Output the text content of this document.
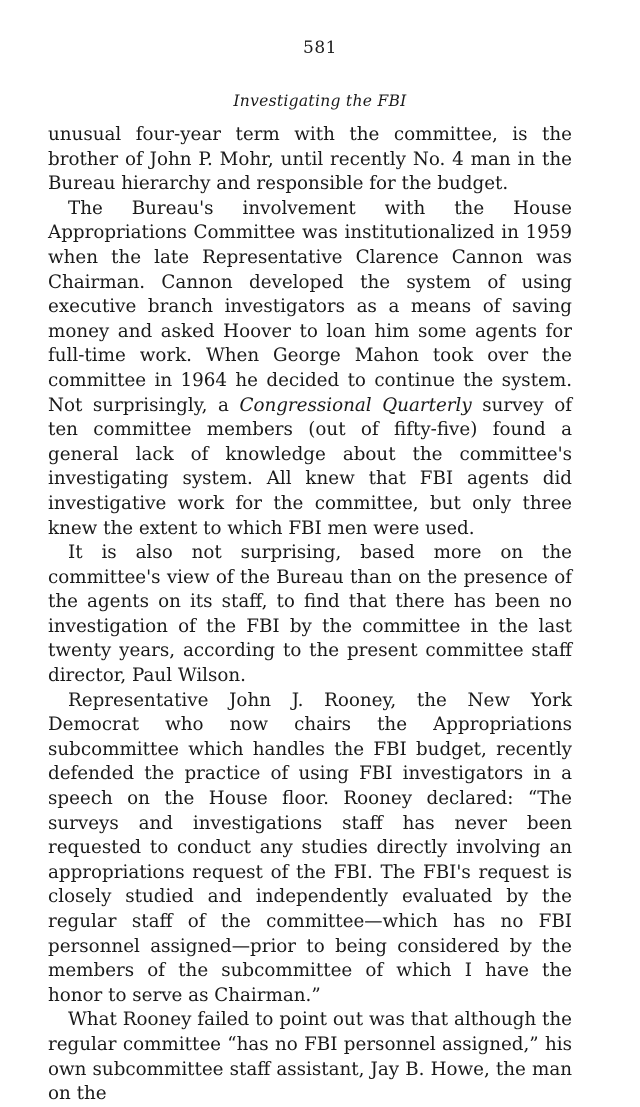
581
Investigating the FBI

unusual four-year term with the committee, is the brother of John P. Mohr, until recently No. 4 man in the Bureau hierarchy and responsible for the budget.

The Bureau's involvement with the House Appropriations Committee was institutionalized in 1959 when the late Representative Clarence Cannon was Chairman. Cannon developed the system of using executive branch investigators as a means of saving money and asked Hoover to loan him some agents for full-time work. When George Mahon took over the committee in 1964 he decided to continue the system. Not surprisingly, a Congressional Quarterly survey of ten committee members (out of fifty-five) found a general lack of knowledge about the committee's investigating system. All knew that FBI agents did investigative work for the committee, but only three knew the extent to which FBI men were used.

It is also not surprising, based more on the committee's view of the Bureau than on the presence of the agents on its staff, to find that there has been no investigation of the FBI by the committee in the last twenty years, according to the present committee staff director, Paul Wilson.

Representative John J. Rooney, the New York Democrat who now chairs the Appropriations subcommittee which handles the FBI budget, recently defended the practice of using FBI investigators in a speech on the House floor. Rooney declared: “The surveys and investigations staff has never been requested to conduct any studies directly involving an appropriations request of the FBI. The FBI's request is closely studied and independently evaluated by the regular staff of the committee—which has no FBI personnel assigned—prior to being considered by the members of the subcommittee of which I have the honor to serve as Chairman.”

What Rooney failed to point out was that although the regular committee “has no FBI personnel assigned,” his own subcommittee staff assistant, Jay B. Howe, the man on the
